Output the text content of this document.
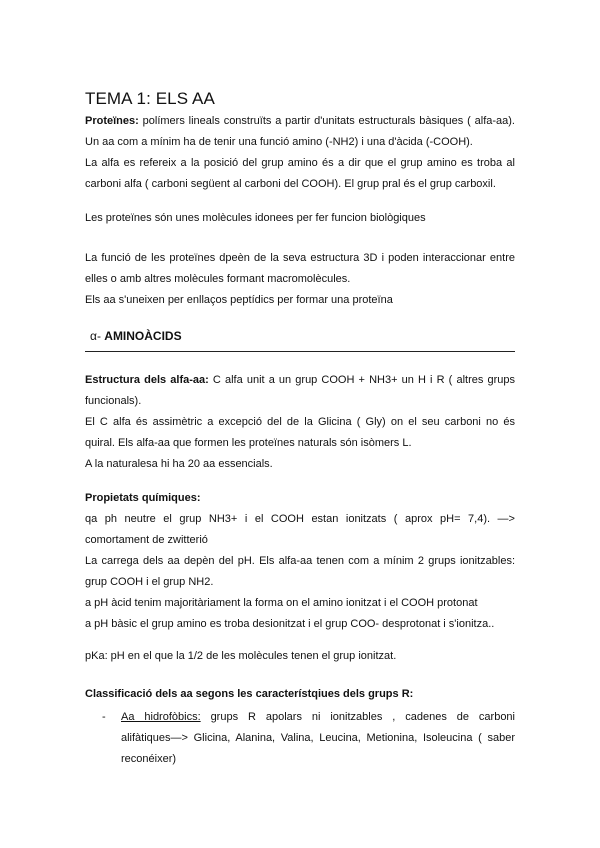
TEMA 1: ELS AA
Proteïnes: polímers lineals construïts a partir d'unitats estructurals bàsiques ( alfa-aa).
Un aa com a mínim ha de tenir una funció amino (-NH2) i una d'àcida (-COOH).
La alfa es refereix a la posició del grup amino és a dir que el grup amino es troba al
carboni alfa ( carboni següent al carboni del COOH). El grup pral és el grup carboxil.
Les proteïnes són unes molècules idonees per fer funcion biològiques
La funció de les proteïnes dpeèn de la seva estructura 3D i poden interaccionar entre
elles o amb altres molècules formant macromolècules.
Els aa s'uneixen per enllaços peptídics per formar una proteïna
α- AMINOÀCIDS
Estructura dels alfa-aa: C alfa unit a un grup COOH + NH3+ un H i R ( altres grups
funcionals).
El C alfa és assimètric a excepció del de la Glicina ( Gly) on el seu carboni no és
quiral. Els alfa-aa que formen les proteïnes naturals són isòmers L.
A la naturalesa hi ha 20 aa essencials.
Propietats químiques:
qa ph neutre el grup NH3+ i el COOH estan ionitzats ( aprox pH= 7,4). —>
comortament de zwitterió
La carrega dels aa depèn del pH. Els alfa-aa tenen com a mínim 2 grups ionitzables:
grup COOH i el grup NH2.
a pH àcid tenim majoritàriament la forma on el amino ionitzat i el COOH protonat
a pH bàsic el grup amino es troba desionitzat i el grup COO- desprotonat i s'ionitza..
pKa: pH en el que la 1/2 de les molècules tenen el grup ionitzat.
Classificació dels aa segons les característqiues dels grups R:
- Aa hidrofòbics: grups R apolars ni ionitzables , cadenes de carboni
alifàtiques—> Glicina, Alanina, Valina, Leucina, Metionina, Isoleucina ( saber
reconéixer)
